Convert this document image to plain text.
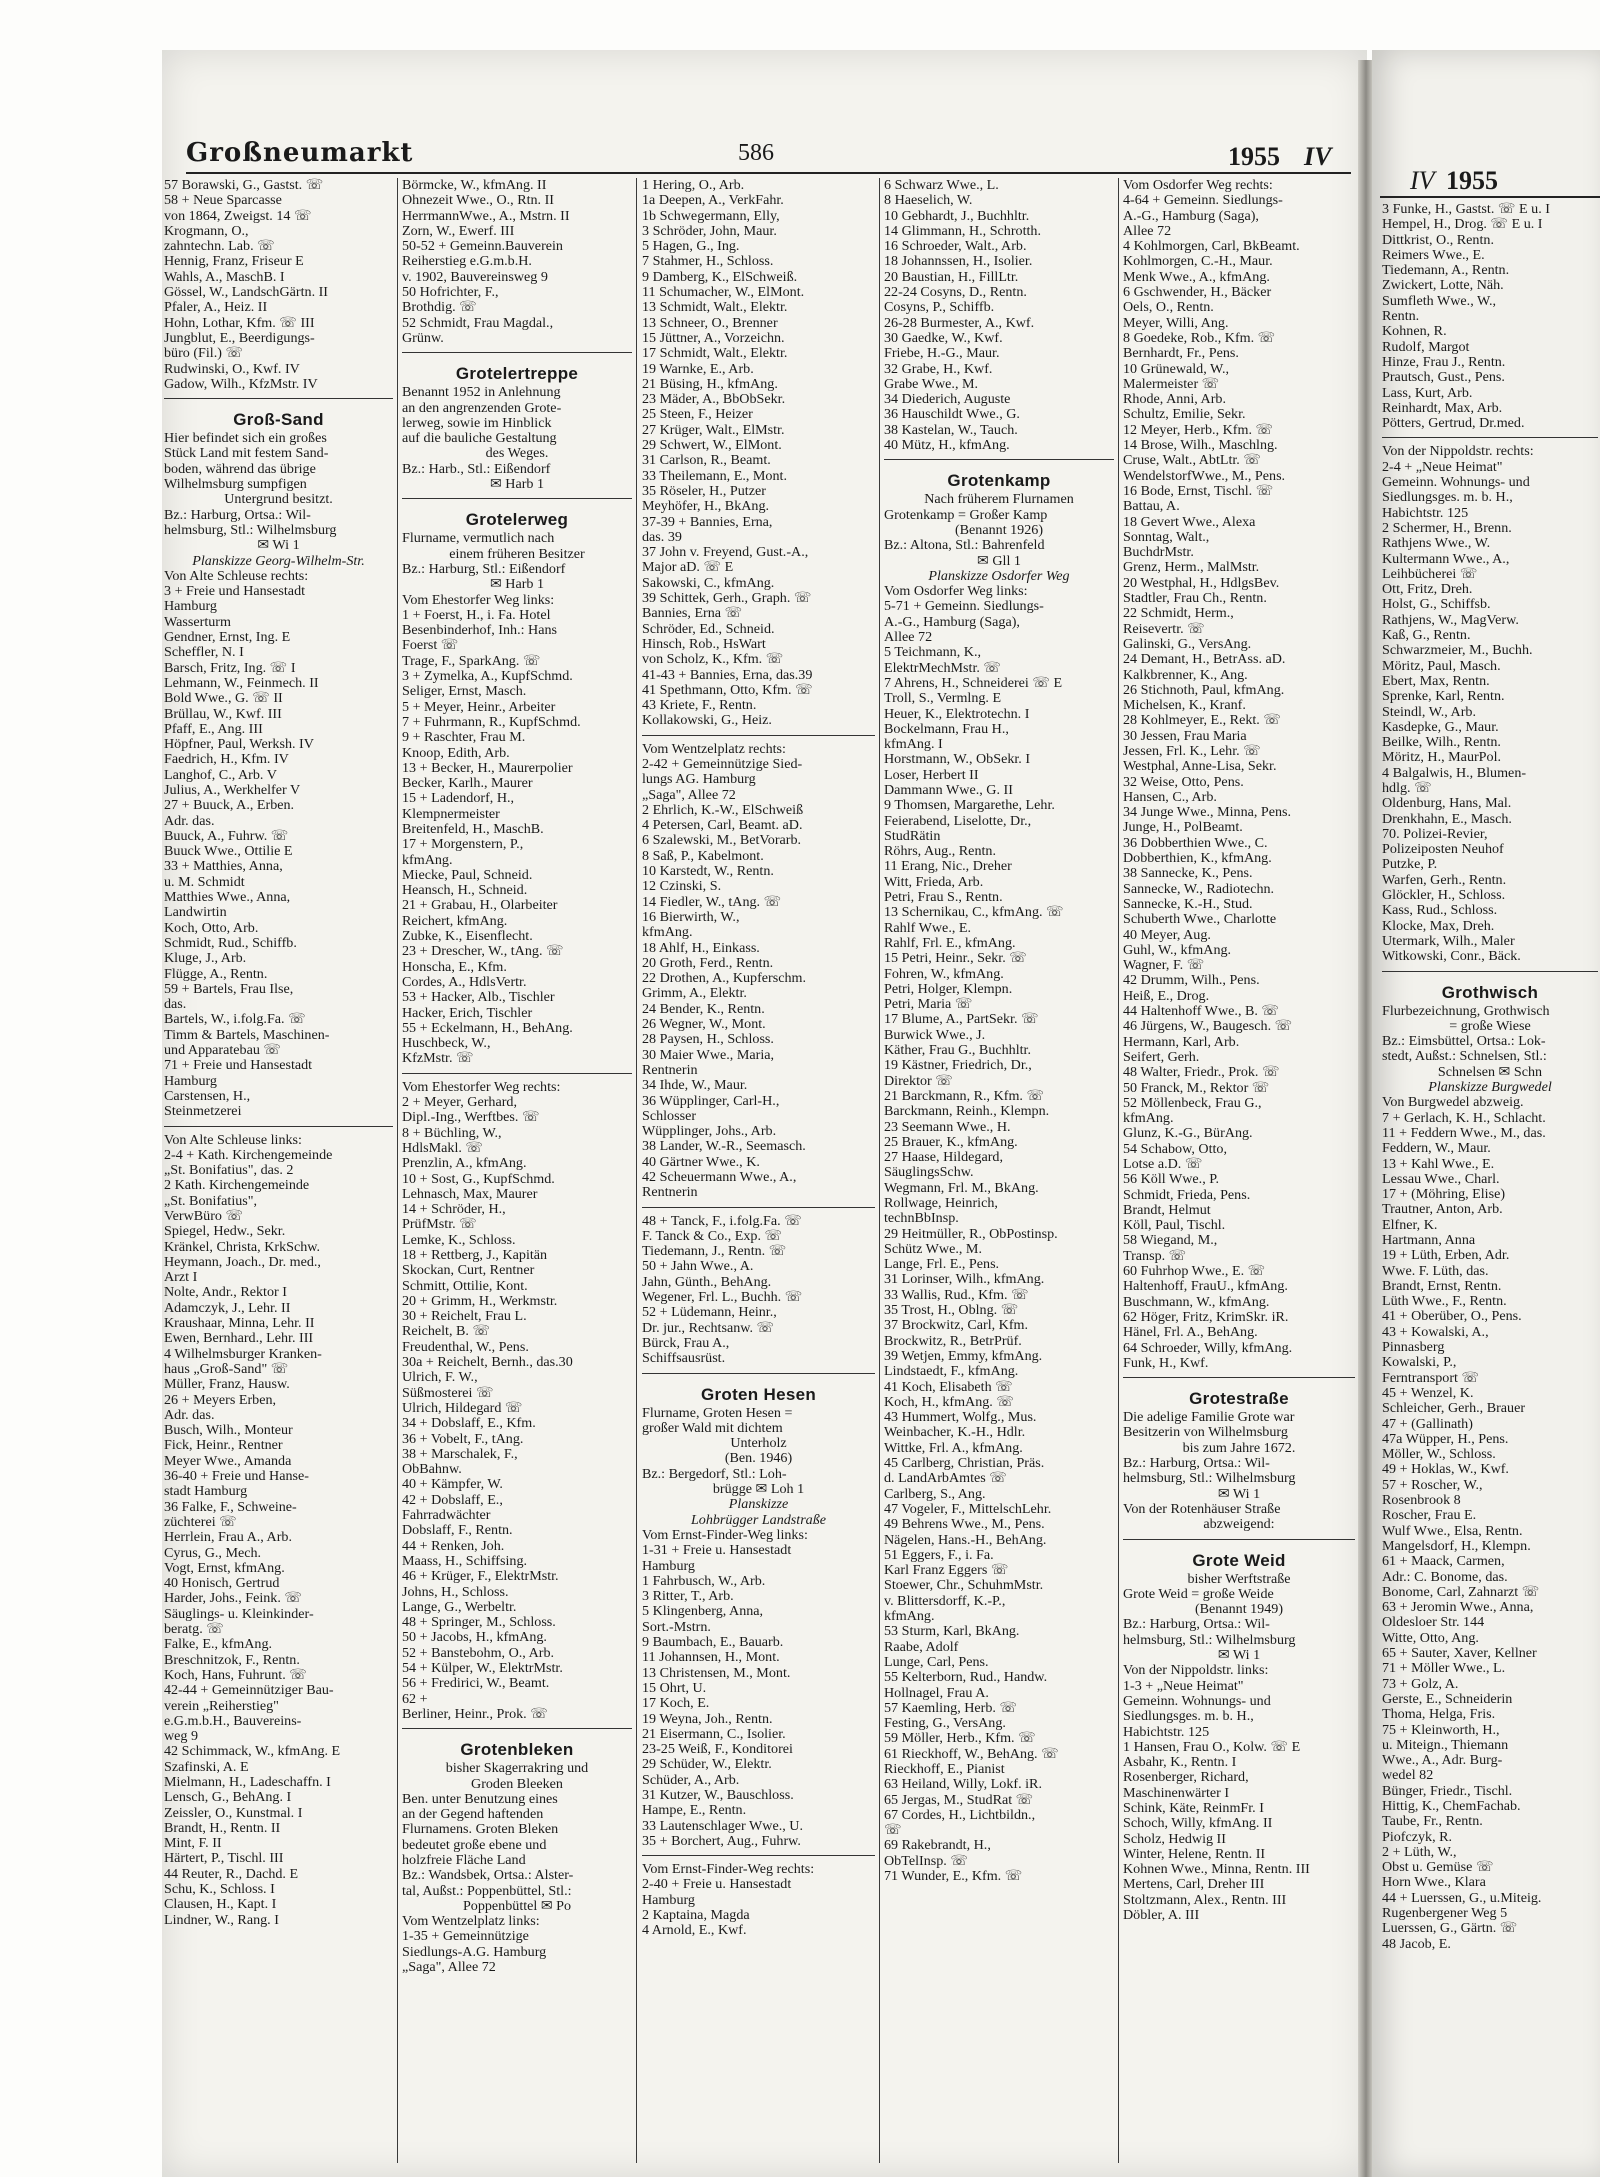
Großneumarkt	586	1955 IV
IV 1955
57 Borawski, G., Gastst. ☏
58 + Neue Sparcasse
von 1864, Zweigst. 14 ☏
Krogmann, O.,
zahntechn. Lab. ☏
Hennig, Franz, Friseur E
Wahls, A., MaschB. I
Gössel, W., LandschGärtn. II
Pfaler, A., Heiz. II
Hohn, Lothar, Kfm. ☏ III
Jungblut, E., Beerdigungs-
büro (Fil.) ☏
Rudwinski, O., Kwf. IV
Gadow, Wilh., KfzMstr. IV
Groß-Sand
Hier befindet sich ein großes
Stück Land mit festem Sand-
boden, während das übrige
Wilhelmsburg sumpfigen
Untergrund besitzt.
Bz.: Harburg, Ortsa.: Wil-
helmsburg, Stl.: Wilhelmsburg
✉ Wi 1
Planskizze Georg-Wilhelm-Str.
Von Alte Schleuse rechts:
3 + Freie und Hansestadt
Hamburg
Wasserturm
Gendner, Ernst, Ing. E
Scheffler, N. I
Barsch, Fritz, Ing. ☏ I
Lehmann, W., Feinmech. II
Bold Wwe., G. ☏ II
Brüllau, W., Kwf. III
Pfaff, E., Ang. III
Höpfner, Paul, Werksh. IV
Faedrich, H., Kfm. IV
Langhof, C., Arb. V
Julius, A., Werkhelfer V
27 + Buuck, A., Erben.
Adr. das.
Buuck, A., Fuhrw. ☏
Buuck Wwe., Ottilie E
33 + Matthies, Anna,
u. M. Schmidt
Matthies Wwe., Anna,
Landwirtin
Koch, Otto, Arb.
Schmidt, Rud., Schiffb.
Kluge, J., Arb.
Flügge, A., Rentn.
59 + Bartels, Frau Ilse,
das.
Bartels, W., i.folg.Fa. ☏
Timm & Bartels, Maschinen-
und Apparatebau ☏
71 + Freie und Hansestadt
Hamburg
Carstensen, H.,
Steinmetzerei
Von Alte Schleuse links:
2-4 + Kath. Kirchengemeinde
„St. Bonifatius", das. 2
2 Kath. Kirchengemeinde
„St. Bonifatius",
VerwBüro ☏
Spiegel, Hedw., Sekr.
Kränkel, Christa, KrkSchw.
Heymann, Joach., Dr. med.,
Arzt I
Nolte, Andr., Rektor I
Adamczyk, J., Lehr. II
Kraushaar, Minna, Lehr. II
Ewen, Bernhard., Lehr. III
4 Wilhelmsburger Kranken-
haus „Groß-Sand" ☏
Müller, Franz, Hausw.
26 + Meyers Erben,
Adr. das.
Busch, Wilh., Monteur
Fick, Heinr., Rentner
Meyer Wwe., Amanda
36-40 + Freie und Hanse-
stadt Hamburg
36 Falke, F., Schweine-
züchterei ☏
Herrlein, Frau A., Arb.
Cyrus, G., Mech.
Vogt, Ernst, kfmAng.
40 Honisch, Gertrud
Harder, Johs., Feink. ☏
Säuglings- u. Kleinkinder-
beratg. ☏
Falke, E., kfmAng.
Breschnitzok, F., Rentn.
Koch, Hans, Fuhrunt. ☏
42-44 + Gemeinnütziger Bau-
verein „Reiherstieg"
e.G.m.b.H., Bauvereins-
weg 9
42 Schimmack, W., kfmAng. E
Szafinski, A. E
Mielmann, H., Ladeschaffn. I
Lensch, G., BehAng. I
Zeissler, O., Kunstmal. I
Brandt, H., Rentn. II
Mint, F. II
Härtert, P., Tischl. III
44 Reuter, R., Dachd. E
Schu, K., Schloss. I
Clausen, H., Kapt. I
Lindner, W., Rang. I
Börmcke, W., kfmAng. II
Ohnezeit Wwe., O., Rtn. II
HerrmannWwe., A., Mstrn. II
Zorn, W., Ewerf. III
50-52 + Gemeinn.Bauverein
Reiherstieg e.G.m.b.H.
v. 1902, Bauvereinsweg 9
50 Hofrichter, F.,
Brothdig. ☏
52 Schmidt, Frau Magdal.,
Grünw.
Grotelertreppe
Benannt 1952 in Anlehnung
an den angrenzenden Grote-
lerweg, sowie im Hinblick
auf die bauliche Gestaltung
des Weges.
Bz.: Harb., Stl.: Eißendorf
✉ Harb 1
Grotelerweg
Flurname, vermutlich nach
einem früheren Besitzer
Bz.: Harburg, Stl.: Eißendorf
✉ Harb 1
Vom Ehestorfer Weg links:
1 + Foerst, H., i. Fa. Hotel
Besenbinderhof, Inh.: Hans
Foerst ☏
Trage, F., SparkAng. ☏
3 + Zymelka, A., KupfSchmd.
Seliger, Ernst, Masch.
5 + Meyer, Heinr., Arbeiter
7 + Fuhrmann, R., KupfSchmd.
9 + Raschter, Frau M.
Knoop, Edith, Arb.
13 + Becker, H., Maurerpolier
Becker, Karlh., Maurer
15 + Ladendorf, H.,
Klempnermeister
Breitenfeld, H., MaschB.
17 + Morgenstern, P.,
kfmAng.
Miecke, Paul, Schneid.
Heansch, H., Schneid.
21 + Grabau, H., Olarbeiter
Reichert, kfmAng.
Zubke, K., Eisenflecht.
23 + Drescher, W., tAng. ☏
Honscha, E., Kfm.
Cordes, A., HdlsVertr.
53 + Hacker, Alb., Tischler
Hacker, Erich, Tischler
55 + Eckelmann, H., BehAng.
Huschbeck, W.,
KfzMstr. ☏
Vom Ehestorfer Weg rechts:
2 + Meyer, Gerhard,
Dipl.-Ing., Werftbes. ☏
8 + Büchling, W.,
HdlsMakl. ☏
Prenzlin, A., kfmAng.
10 + Sost, G., KupfSchmd.
Lehnasch, Max, Maurer
14 + Schröder, H.,
PrüfMstr. ☏
Lemke, K., Schloss.
18 + Rettberg, J., Kapitän
Skockan, Curt, Rentner
Schmitt, Ottilie, Kont.
20 + Grimm, H., Werkmstr.
30 + Reichelt, Frau L.
Reichelt, B. ☏
Freudenthal, W., Pens.
30a + Reichelt, Bernh., das.30
Ulrich, F. W.,
Süßmosterei ☏
Ulrich, Hildegard ☏
34 + Dobslaff, E., Kfm.
36 + Vobelt, F., tAng.
38 + Marschalek, F.,
ObBahnw.
40 + Kämpfer, W.
42 + Dobslaff, E.,
Fahrradwächter
Dobslaff, F., Rentn.
44 + Renken, Joh.
Maass, H., Schiffsing.
46 + Krüger, F., ElektrMstr.
Johns, H., Schloss.
Lange, G., Werbeltr.
48 + Springer, M., Schloss.
50 + Jacobs, H., kfmAng.
52 + Banstebohm, O., Arb.
54 + Külper, W., ElektrMstr.
56 + Fredirici, W., Beamt.
62 +
Berliner, Heinr., Prok. ☏
Grotenbleken
bisher Skagerrakring und
Groden Bleeken
Ben. unter Benutzung eines
an der Gegend haftenden
Flurnamens. Groten Bleken
bedeutet große ebene und
holzfreie Fläche Land
Bz.: Wandsbek, Ortsa.: Alster-
tal, Außst.: Poppenbüttel, Stl.:
Poppenbüttel ✉ Po
Vom Wentzelplatz links:
1-35 + Gemeinnützige
Siedlungs-A.G. Hamburg
„Saga", Allee 72
1 Hering, O., Arb.
1a Deepen, A., VerkFahr.
1b Schwegermann, Elly,
3 Schröder, John, Maur.
5 Hagen, G., Ing.
7 Stahmer, H., Schloss.
9 Damberg, K., ElSchweiß.
11 Schumacher, W., ElMont.
13 Schmidt, Walt., Elektr.
13 Schneer, O., Brenner
15 Jüttner, A., Vorzeichn.
17 Schmidt, Walt., Elektr.
19 Warnke, E., Arb.
21 Büsing, H., kfmAng.
23 Mäder, A., BbObSekr.
25 Steen, F., Heizer
27 Krüger, Walt., ElMstr.
29 Schwert, W., ElMont.
31 Carlson, R., Beamt.
33 Theilemann, E., Mont.
35 Röseler, H., Putzer
Meyhöfer, H., BkAng.
37-39 + Bannies, Erna,
das. 39
37 John v. Freyend, Gust.-A.,
Major aD. ☏ E
Sakowski, C., kfmAng.
39 Schittek, Gerh., Graph. ☏
Bannies, Erna ☏
Schröder, Ed., Schneid.
Hinsch, Rob., HsWart
von Scholz, K., Kfm. ☏
41-43 + Bannies, Erna, das.39
41 Spethmann, Otto, Kfm. ☏
43 Kriete, F., Rentn.
Kollakowski, G., Heiz.
Vom Wentzelplatz rechts:
2-42 + Gemeinnützige Sied-
lungs AG. Hamburg
„Saga", Allee 72
2 Ehrlich, K.-W., ElSchweiß
4 Petersen, Carl, Beamt. aD.
6 Szalewski, M., BetVorarb.
8 Saß, P., Kabelmont.
10 Karstedt, W., Rentn.
12 Czinski, S.
14 Fiedler, W., tAng. ☏
16 Bierwirth, W.,
kfmAng.
18 Ahlf, H., Einkass.
20 Groth, Ferd., Rentn.
22 Drothen, A., Kupferschm.
Grimm, A., Elektr.
24 Bender, K., Rentn.
26 Wegner, W., Mont.
28 Paysen, H., Schloss.
30 Maier Wwe., Maria,
Rentnerin
34 Ihde, W., Maur.
36 Wüpplinger, Carl-H.,
Schlosser
Wüpplinger, Johs., Arb.
38 Lander, W.-R., Seemasch.
40 Gärtner Wwe., K.
42 Scheuermann Wwe., A.,
Rentnerin
48 + Tanck, F., i.folg.Fa. ☏
F. Tanck & Co., Exp. ☏
Tiedemann, J., Rentn. ☏
50 + Jahn Wwe., A.
Jahn, Günth., BehAng.
Wegener, Frl. L., Buchh. ☏
52 + Lüdemann, Heinr.,
Dr. jur., Rechtsanw. ☏
Bürck, Frau A.,
Schiffsausrüst.
Groten Hesen
Flurname, Groten Hesen =
großer Wald mit dichtem
Unterholz
(Ben. 1946)
Bz.: Bergedorf, Stl.: Loh-
brügge ✉ Loh 1
Planskizze
Lohbrügger Landstraße
Vom Ernst-Finder-Weg links:
1-31 + Freie u. Hansestadt
Hamburg
1 Fahrbusch, W., Arb.
3 Ritter, T., Arb.
5 Klingenberg, Anna,
Sort.-Mstrn.
9 Baumbach, E., Bauarb.
11 Johannsen, H., Mont.
13 Christensen, M., Mont.
15 Ohrt, U.
17 Koch, E.
19 Weyna, Joh., Rentn.
21 Eisermann, C., Isolier.
23-25 Weiß, F., Konditorei
29 Schüder, W., Elektr.
Schüder, A., Arb.
31 Kutzer, W., Bauschloss.
Hampe, E., Rentn.
33 Lautenschlager Wwe., U.
35 + Borchert, Aug., Fuhrw.
Vom Ernst-Finder-Weg rechts:
2-40 + Freie u. Hansestadt
Hamburg
2 Kaptaina, Magda
4 Arnold, E., Kwf.
6 Schwarz Wwe., L.
8 Haeselich, W.
10 Gebhardt, J., Buchhltr.
14 Glimmann, H., Schrotth.
16 Schroeder, Walt., Arb.
18 Johannssen, H., Isolier.
20 Baustian, H., FillLtr.
22-24 Cosyns, D., Rentn.
Cosyns, P., Schiffb.
26-28 Burmester, A., Kwf.
30 Gaedke, W., Kwf.
Friebe, H.-G., Maur.
32 Grabe, H., Kwf.
Grabe Wwe., M.
34 Diederich, Auguste
36 Hauschildt Wwe., G.
38 Kastelan, W., Tauch.
40 Mütz, H., kfmAng.
Grotenkamp
Nach früherem Flurnamen
Grotenkamp = Großer Kamp
(Benannt 1926)
Bz.: Altona, Stl.: Bahrenfeld
✉ Gll 1
Planskizze Osdorfer Weg
Vom Osdorfer Weg links:
5-71 + Gemeinn. Siedlungs-
A.-G., Hamburg (Saga),
Allee 72
5 Teichmann, K.,
ElektrMechMstr. ☏
7 Ahrens, H., Schneiderei ☏ E
Troll, S., Vermlng. E
Heuer, K., Elektrotechn. I
Bockelmann, Frau H.,
kfmAng. I
Horstmann, W., ObSekr. I
Loser, Herbert II
Dammann Wwe., G. II
9 Thomsen, Margarethe, Lehr.
Feierabend, Liselotte, Dr.,
StudRätin
Röhrs, Aug., Rentn.
11 Erang, Nic., Dreher
Witt, Frieda, Arb.
Petri, Frau S., Rentn.
13 Schernikau, C., kfmAng. ☏
Rahlf Wwe., E.
Rahlf, Frl. E., kfmAng.
15 Petri, Heinr., Sekr. ☏
Fohren, W., kfmAng.
Petri, Holger, Klempn.
Petri, Maria ☏
17 Blume, A., PartSekr. ☏
Burwick Wwe., J.
Käther, Frau G., Buchhltr.
19 Kästner, Friedrich, Dr.,
Direktor ☏
21 Barckmann, R., Kfm. ☏
Barckmann, Reinh., Klempn.
23 Seemann Wwe., H.
25 Brauer, K., kfmAng.
27 Haase, Hildegard,
SäuglingsSchw.
Wegmann, Frl. M., BkAng.
Rollwage, Heinrich,
technBbInsp.
29 Heitmüller, R., ObPostinsp.
Schütz Wwe., M.
Lange, Frl. E., Pens.
31 Lorinser, Wilh., kfmAng.
33 Wallis, Rud., Kfm. ☏
35 Trost, H., Oblng. ☏
37 Brockwitz, Carl, Kfm.
Brockwitz, R., BetrPrüf.
39 Wetjen, Emmy, kfmAng.
Lindstaedt, F., kfmAng.
41 Koch, Elisabeth ☏
Koch, H., kfmAng. ☏
43 Hummert, Wolfg., Mus.
Weinbacher, K.-H., Hdlr.
Wittke, Frl. A., kfmAng.
45 Carlberg, Christian, Präs.
d. LandArbAmtes ☏
Carlberg, S., Ang.
47 Vogeler, F., MittelschLehr.
49 Behrens Wwe., M., Pens.
Nägelen, Hans.-H., BehAng.
51 Eggers, F., i. Fa.
Karl Franz Eggers ☏
Stoewer, Chr., SchuhmMstr.
v. Blittersdorff, K.-P.,
kfmAng.
53 Sturm, Karl, BkAng.
Raabe, Adolf
Lunge, Carl, Pens.
55 Kelterborn, Rud., Handw.
Hollnagel, Frau A.
57 Kaemling, Herb. ☏
Festing, G., VersAng.
59 Möller, Herb., Kfm. ☏
61 Rieckhoff, W., BehAng. ☏
Rieckhoff, E., Pianist
63 Heiland, Willy, Lokf. iR.
65 Jergas, M., StudRat ☏
67 Cordes, H., Lichtbildn.,
☏
69 Rakebrandt, H.,
ObTelInsp. ☏
71 Wunder, E., Kfm. ☏
Vom Osdorfer Weg rechts:
4-64 + Gemeinn. Siedlungs-
A.-G., Hamburg (Saga),
Allee 72
4 Kohlmorgen, Carl, BkBeamt.
Kohlmorgen, C.-H., Maur.
Menk Wwe., A., kfmAng.
6 Gschwender, H., Bäcker
Oels, O., Rentn.
Meyer, Willi, Ang.
8 Goedeke, Rob., Kfm. ☏
Bernhardt, Fr., Pens.
10 Grünewald, W.,
Malermeister ☏
Rhode, Anni, Arb.
Schultz, Emilie, Sekr.
12 Meyer, Herb., Kfm. ☏
14 Brose, Wilh., Maschlng.
Cruse, Walt., AbtLtr. ☏
WendelstorfWwe., M., Pens.
16 Bode, Ernst, Tischl. ☏
Battau, A.
18 Gevert Wwe., Alexa
Sonntag, Walt.,
BuchdrMstr.
Grenz, Herm., MalMstr.
20 Westphal, H., HdlgsBev.
Stadtler, Frau Ch., Rentn.
22 Schmidt, Herm.,
Reisevertr. ☏
Galinski, G., VersAng.
24 Demant, H., BetrAss. aD.
Kalkbrenner, K., Ang.
26 Stichnoth, Paul, kfmAng.
Michelsen, K., Kranf.
28 Kohlmeyer, E., Rekt. ☏
30 Jessen, Frau Maria
Jessen, Frl. K., Lehr. ☏
Westphal, Anne-Lisa, Sekr.
32 Weise, Otto, Pens.
Hansen, C., Arb.
34 Junge Wwe., Minna, Pens.
Junge, H., PolBeamt.
36 Dobberthien Wwe., C.
Dobberthien, K., kfmAng.
38 Sannecke, K., Pens.
Sannecke, W., Radiotechn.
Sannecke, K.-H., Stud.
Schuberth Wwe., Charlotte
40 Meyer, Aug.
Guhl, W., kfmAng.
Wagner, F. ☏
42 Drumm, Wilh., Pens.
Heiß, E., Drog.
44 Haltenhoff Wwe., B. ☏
46 Jürgens, W., Baugesch. ☏
Hermann, Karl, Arb.
Seifert, Gerh.
48 Walter, Friedr., Prok. ☏
50 Franck, M., Rektor ☏
52 Möllenbeck, Frau G.,
kfmAng.
Glunz, K.-G., BürAng.
54 Schabow, Otto,
Lotse a.D. ☏
56 Köll Wwe., P.
Schmidt, Frieda, Pens.
Brandt, Helmut
Köll, Paul, Tischl.
58 Wiegand, M.,
Transp. ☏
60 Fuhrhop Wwe., E. ☏
Haltenhoff, FrauU., kfmAng.
Buschmann, W., kfmAng.
62 Höger, Fritz, KrimSkr. iR.
Hänel, Frl. A., BehAng.
64 Schroeder, Willy, kfmAng.
Funk, H., Kwf.
Grotestraße
Die adelige Familie Grote war
Besitzerin von Wilhelmsburg
bis zum Jahre 1672.
Bz.: Harburg, Ortsa.: Wil-
helmsburg, Stl.: Wilhelmsburg
✉ Wi 1
Von der Rotenhäuser Straße
abzweigend:
Grote Weid
bisher Werftstraße
Grote Weid = große Weide
(Benannt 1949)
Bz.: Harburg, Ortsa.: Wil-
helmsburg, Stl.: Wilhelmsburg
✉ Wi 1
Von der Nippoldstr. links:
1-3 + „Neue Heimat"
Gemeinn. Wohnungs- und
Siedlungsges. m. b. H.,
Habichtstr. 125
1 Hansen, Frau O., Kolw. ☏ E
Asbahr, K., Rentn. I
Rosenberger, Richard,
Maschinenwärter I
Schink, Käte, ReinmFr. I
Schoch, Willy, kfmAng. II
Scholz, Hedwig II
Winter, Helene, Rentn. II
Kohnen Wwe., Minna, Rentn. III
Mertens, Carl, Dreher III
Stoltzmann, Alex., Rentn. III
Döbler, A. III
3 Funke, H., Gastst. ☏ E u. I
Hempel, H., Drog. ☏ E u. I
Dittkrist, O., Rentn.
Reimers Wwe., E.
Tiedemann, A., Rentn.
Zwickert, Lotte, Näh.
Sumfleth Wwe., W.,
Rentn.
Kohnen, R.
Rudolf, Margot
Hinze, Frau J., Rentn.
Prautsch, Gust., Pens.
Lass, Kurt, Arb.
Reinhardt, Max, Arb.
Pötters, Gertrud, Dr.med.
Von der Nippoldstr. rechts:
2-4 + „Neue Heimat"
Gemeinn. Wohnungs- und
Siedlungsges. m. b. H.,
Habichtstr. 125
2 Schermer, H., Brenn.
Rathjens Wwe., W.
Kultermann Wwe., A.,
Leihbücherei ☏
Ott, Fritz, Dreh.
Holst, G., Schiffsb.
Rathjens, W., MagVerw.
Kaß, G., Rentn.
Schwarzmeier, M., Buchh.
Möritz, Paul, Masch.
Ebert, Max, Rentn.
Sprenke, Karl, Rentn.
Steindl, W., Arb.
Kasdepke, G., Maur.
Beilke, Wilh., Rentn.
Möritz, H., MaurPol.
4 Balgalwis, H., Blumen-
hdlg. ☏
Oldenburg, Hans, Mal.
Drenkhahn, E., Masch.
70. Polizei-Revier,
Polizeiposten Neuhof
Putzke, P.
Warfen, Gerh., Rentn.
Glöckler, H., Schloss.
Kass, Rud., Schloss.
Klocke, Max, Dreh.
Utermark, Wilh., Maler
Witkowski, Conr., Bäck.
Grothwisch
Flurbezeichnung, Grothwisch
= große Wiese
Bz.: Eimsbüttel, Ortsa.: Lok-
stedt, Außst.: Schnelsen, Stl.:
Schnelsen ✉ Schn
Planskizze Burgwedel
Von Burgwedel abzweig.
7 + Gerlach, K. H., Schlacht.
11 + Feddern Wwe., M., das.
Feddern, W., Maur.
13 + Kahl Wwe., E.
Lessau Wwe., Charl.
17 + (Möhring, Elise)
Trautner, Anton, Arb.
Elfner, K.
Hartmann, Anna
19 + Lüth, Erben, Adr.
Wwe. F. Lüth, das.
Brandt, Ernst, Rentn.
Lüth Wwe., F., Rentn.
41 + Oberüber, O., Pens.
43 + Kowalski, A.,
Pinnasberg
Kowalski, P.,
Ferntransport ☏
45 + Wenzel, K.
Schleicher, Gerh., Brauer
47 + (Gallinath)
47a Wüpper, H., Pens.
Möller, W., Schloss.
49 + Hoklas, W., Kwf.
57 + Roscher, W.,
Rosenbrook 8
Roscher, Frau E.
Wulf Wwe., Elsa, Rentn.
Mangelsdorf, H., Klempn.
61 + Maack, Carmen,
Adr.: C. Bonome, das.
Bonome, Carl, Zahnarzt ☏
63 + Jeromin Wwe., Anna,
Oldesloer Str. 144
Witte, Otto, Ang.
65 + Sauter, Xaver, Kellner
71 + Möller Wwe., L.
73 + Golz, A.
Gerste, E., Schneiderin
Thoma, Helga, Fris.
75 + Kleinworth, H.,
u. Miteign., Thiemann
Wwe., A., Adr. Burg-
wedel 82
Bünger, Friedr., Tischl.
Hittig, K., ChemFachab.
Taube, Fr., Rentn.
Piofczyk, R.
2 + Lüth, W.,
Obst u. Gemüse ☏
Horn Wwe., Klara
44 + Luerssen, G., u.Miteig.
Rugenbergener Weg 5
Luerssen, G., Gärtn. ☏
48 Jacob, E.
